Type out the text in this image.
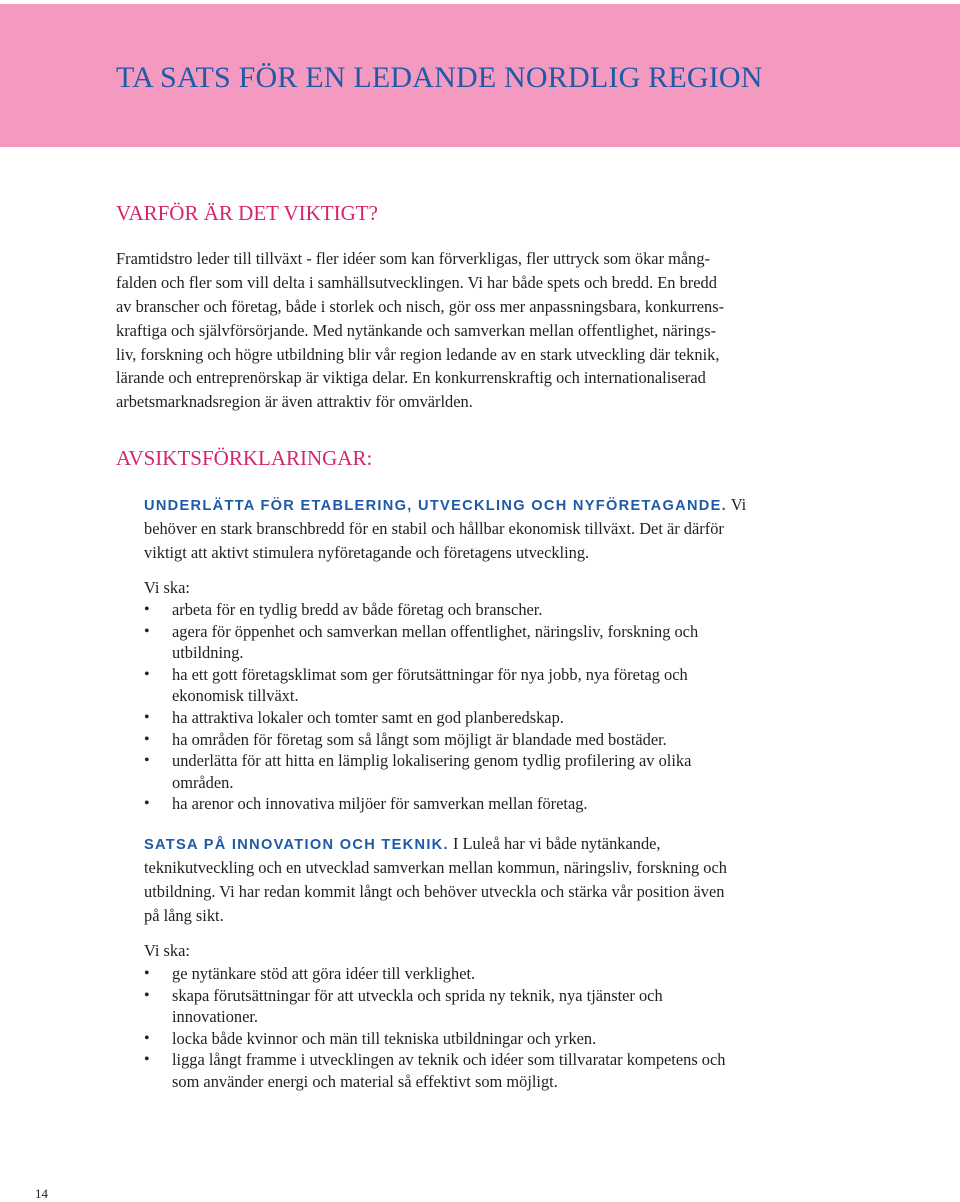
TA SATS FÖR EN LEDANDE NORDLIG REGION
VARFÖR ÄR DET VIKTIGT?
Framtidstro leder till tillväxt - fler idéer som kan förverkligas, fler uttryck som ökar mång-
falden och fler som vill delta i samhällsutvecklingen. Vi har både spets och bredd. En bredd
av branscher och företag, både i storlek och nisch, gör oss mer anpassningsbara, konkurrens-
kraftiga och självförsörjande. Med nytänkande och samverkan mellan offentlighet, närings-
liv, forskning och högre utbildning blir vår region ledande av en stark utveckling där teknik,
lärande och entreprenörskap är viktiga delar. En konkurrenskraftig och internationaliserad
arbetsmarknadsregion är även attraktiv för omvärlden.
AVSIKTSFÖRKLARINGAR:
UNDERLÄTTA FÖR ETABLERING, UTVECKLING OCH NYFÖRETAGANDE. Vi
behöver en stark branschbredd för en stabil och hållbar ekonomisk tillväxt. Det är därför
viktigt att aktivt stimulera nyföretagande och företagens utveckling.
Vi ska:
• arbeta för en tydlig bredd av både företag och branscher.
• agera för öppenhet och samverkan mellan offentlighet, näringsliv, forskning och
utbildning.
• ha ett gott företagsklimat som ger förutsättningar för nya jobb, nya företag och
ekonomisk tillväxt.
• ha attraktiva lokaler och tomter samt en god planberedskap.
• ha områden för företag som så långt som möjligt är blandade med bostäder.
• underlätta för att hitta en lämplig lokalisering genom tydlig profilering av olika
områden.
• ha arenor och innovativa miljöer för samverkan mellan företag.
SATSA PÅ INNOVATION OCH TEKNIK. I Luleå har vi både nytänkande,
teknikutveckling och en utvecklad samverkan mellan kommun, näringsliv, forskning och
utbildning. Vi har redan kommit långt och behöver utveckla och stärka vår position även
på lång sikt.
Vi ska:
• ge nytänkare stöd att göra idéer till verklighet.
• skapa förutsättningar för att utveckla och sprida ny teknik, nya tjänster och
innovationer.
• locka både kvinnor och män till tekniska utbildningar och yrken.
• ligga långt framme i utvecklingen av teknik och idéer som tillvaratar kompetens och
som använder energi och material så effektivt som möjligt.

14
